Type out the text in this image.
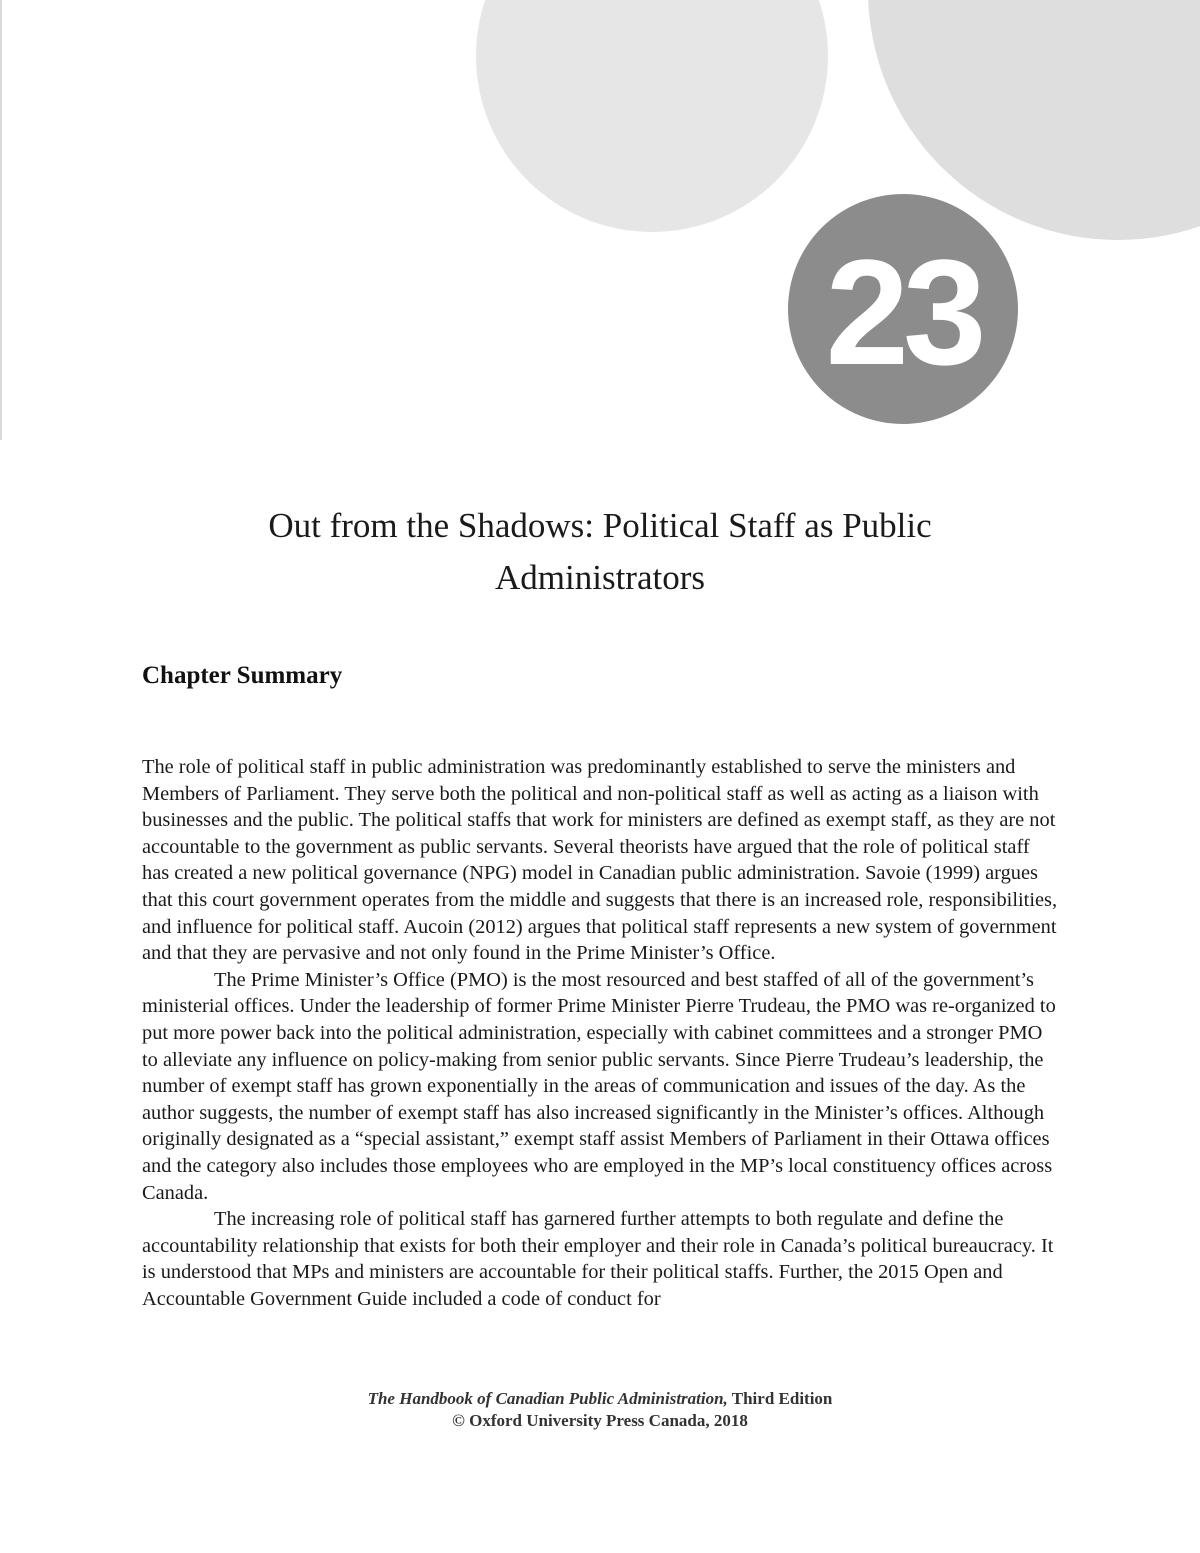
23
Out from the Shadows: Political Staff as Public Administrators
Chapter Summary

The role of political staff in public administration was predominantly established to serve the ministers and Members of Parliament. They serve both the political and non-political staff as well as acting as a liaison with businesses and the public. The political staffs that work for ministers are defined as exempt staff, as they are not accountable to the government as public servants. Several theorists have argued that the role of political staff has created a new political governance (NPG) model in Canadian public administration. Savoie (1999) argues that this court government operates from the middle and suggests that there is an increased role, responsibilities, and influence for political staff. Aucoin (2012) argues that political staff represents a new system of government and that they are pervasive and not only found in the Prime Minister’s Office.

The Prime Minister’s Office (PMO) is the most resourced and best staffed of all of the government’s ministerial offices. Under the leadership of former Prime Minister Pierre Trudeau, the PMO was re-organized to put more power back into the political administration, especially with cabinet committees and a stronger PMO to alleviate any influence on policy-making from senior public servants. Since Pierre Trudeau’s leadership, the number of exempt staff has grown exponentially in the areas of communication and issues of the day. As the author suggests, the number of exempt staff has also increased significantly in the Minister’s offices. Although originally designated as a “special assistant,” exempt staff assist Members of Parliament in their Ottawa offices and the category also includes those employees who are employed in the MP’s local constituency offices across Canada.

The increasing role of political staff has garnered further attempts to both regulate and define the accountability relationship that exists for both their employer and their role in Canada’s political bureaucracy. It is understood that MPs and ministers are accountable for their political staffs. Further, the 2015 Open and Accountable Government Guide included a code of conduct for

The Handbook of Canadian Public Administration, Third Edition
© Oxford University Press Canada, 2018
